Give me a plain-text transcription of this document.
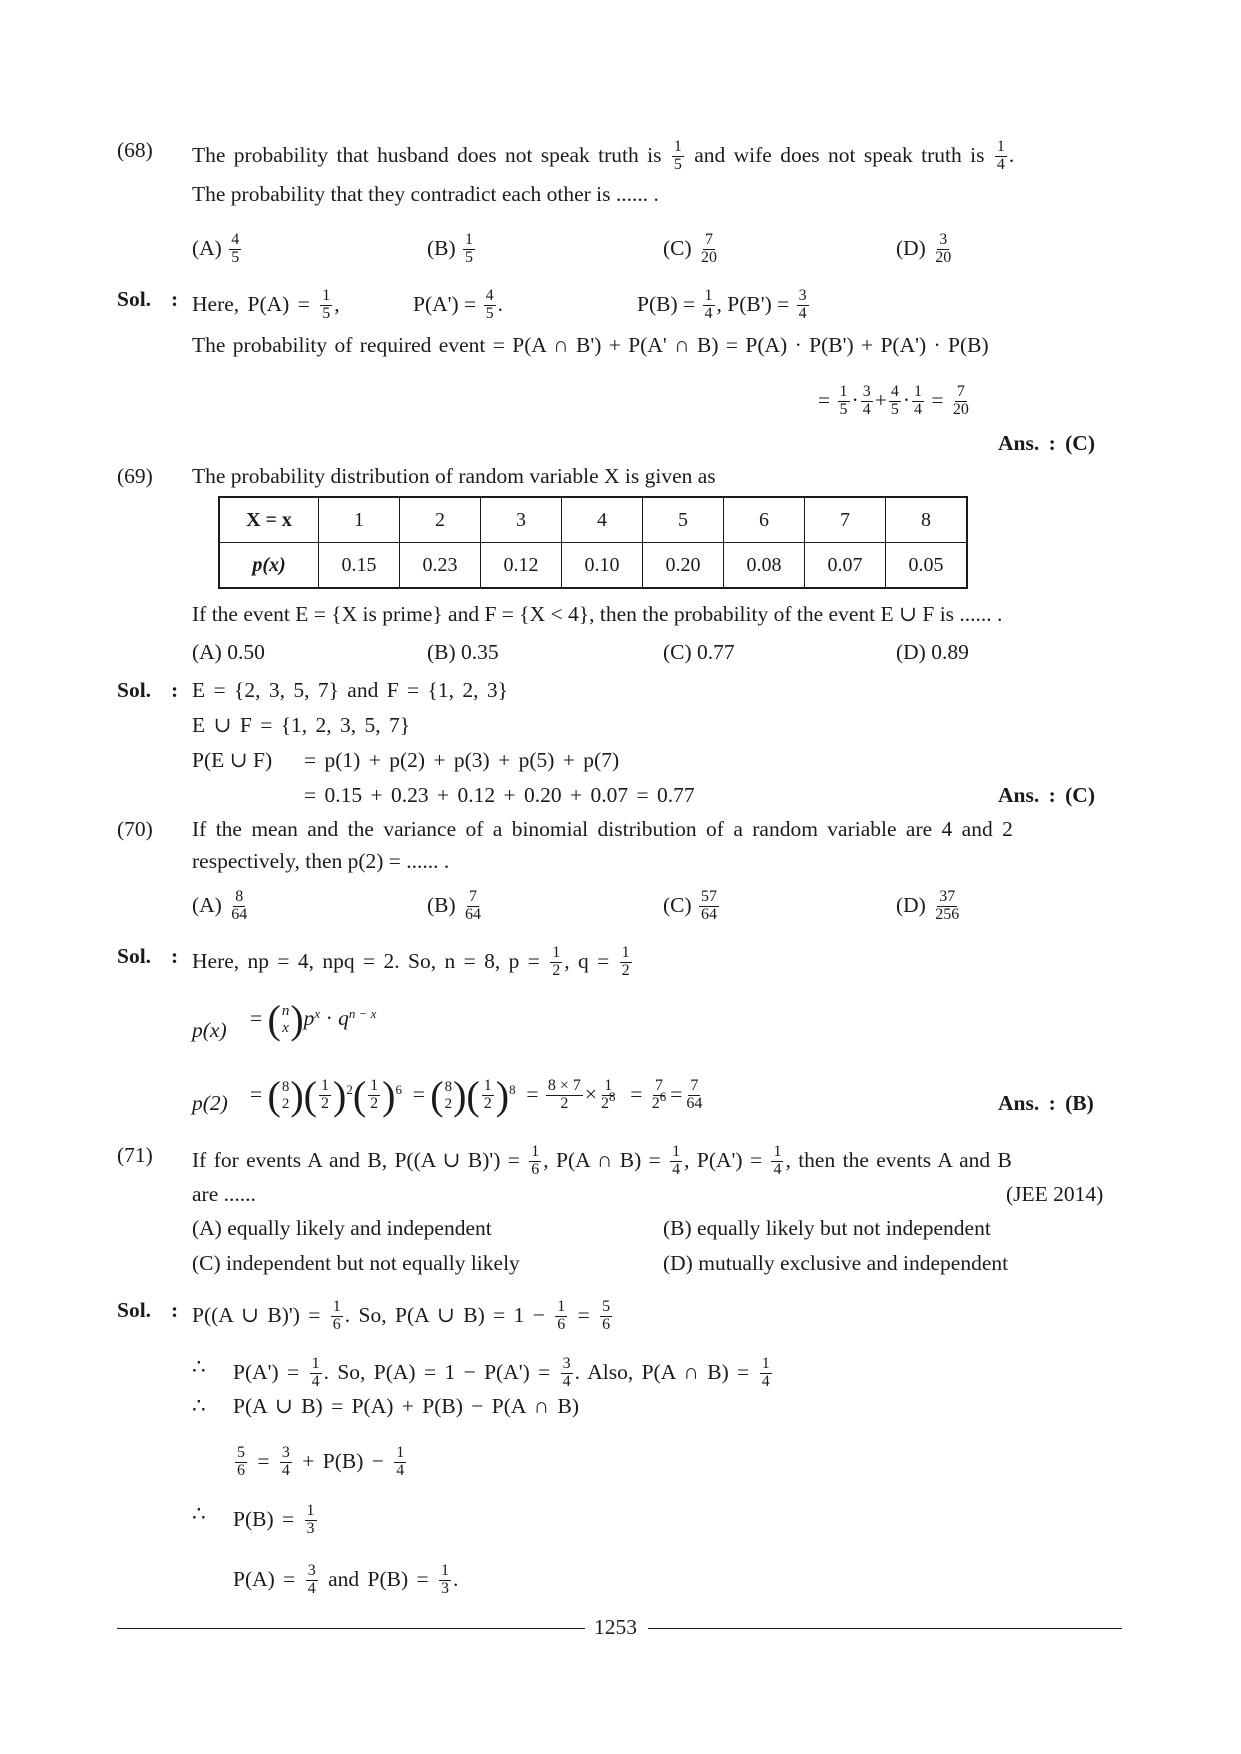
(68) The probability that husband does not speak truth is $\frac{1}{5}$ and wife does not speak truth is $\frac{1}{4}$ .
The probability that they contradict each other is ...... .
$(A) \frac{4}{5}$	$(B) \frac{1}{5}$	$(C) \frac{7}{20}$	$(D) \frac{3}{20}$
Sol. : Here, $P(A) = \frac{1}{5}$ ,	$P(A') = \frac{4}{5}$ .	$P(B) = \frac{1}{4}$ , $P(B') = \frac{3}{4}$
The probability of required event = P(A ∩ B') + P(A' ∩ B) = P(A) · P(B') + P(A') · P(B)
= $\frac{1}{5} \cdot \frac{3}{4} + \frac{4}{5} \cdot \frac{1}{4} = \frac{7}{20}$
Ans. : (C)
(69) The probability distribution of random variable X is given as
X = x	1	2	3	4	5	6	7	8
p(x)	0.15	0.23	0.12	0.10	0.20	0.08	0.07	0.05
If the event E = {X is prime} and F = {X < 4}, then the probability of the event E ∪ F is ...... .
(A) 0.50	(B) 0.35	(C) 0.77	(D) 0.89
Sol. : E = {2, 3, 5, 7} and F = {1, 2, 3}
E ∪ F = {1, 2, 3, 5, 7}
P(E ∪ F) = p(1) + p(2) + p(3) + p(5) + p(7)
= 0.15 + 0.23 + 0.12 + 0.20 + 0.07 = 0.77	Ans. : (C)
(70) If the mean and the variance of a binomial distribution of a random variable are 4 and 2
respectively, then p(2) = ...... .
$(A) \frac{8}{64}$	$(B) \frac{7}{64}$	$(C) \frac{57}{64}$	$(D) \frac{37}{256}$
Sol. : Here, np = 4, npq = 2. So, n = 8, $p = \frac{1}{2}$ , $q = \frac{1}{2}$
p(x)
= ( n
x ) $p^x \cdot q^{n - x}$
p(2) = ( 8
2 ) ( $\frac{1}{2}$ ) $^2$ ( $\frac{1}{2}$ ) $^6$  = ( 8
2 ) ( $\frac{1}{2}$ ) $^8 = \frac{8 \times 7}{2} \times \frac{1}{2^8} = \frac{7}{2^6} = \frac{7}{64}$	Ans. : (B)
(71) If for events A and B, P((A ∪ $B)') = \frac{1}{6}$ , P(A ∩ $B) = \frac{1}{4}$ , $P(A') = \frac{1}{4}$ , then the events A and B
are ......	(JEE 2014)
(A) equally likely and independent	(B) equally likely but not independent
(C) independent but not equally likely	(D) mutually exclusive and independent
Sol. : P((A ∪ $B)') = \frac{1}{6}$ . So, P(A ∪ $B) = 1 - \frac{1}{6} = \frac{5}{6}$
∴ $P(A') = \frac{1}{4}$ . So, $P(A) = 1 - P(A') = \frac{3}{4}$ . Also, P(A ∩ $B) = \frac{1}{4}$
∴ P(A ∪ B) = P(A) + P(B) − P(A ∩ B)
$\frac{5}{6} = \frac{3}{4} + P(B) - \frac{1}{4}$
∴ $P(B) = \frac{1}{3}$
$P(A) = \frac{3}{4}$ and $P(B) = \frac{1}{3}$ .
1253
